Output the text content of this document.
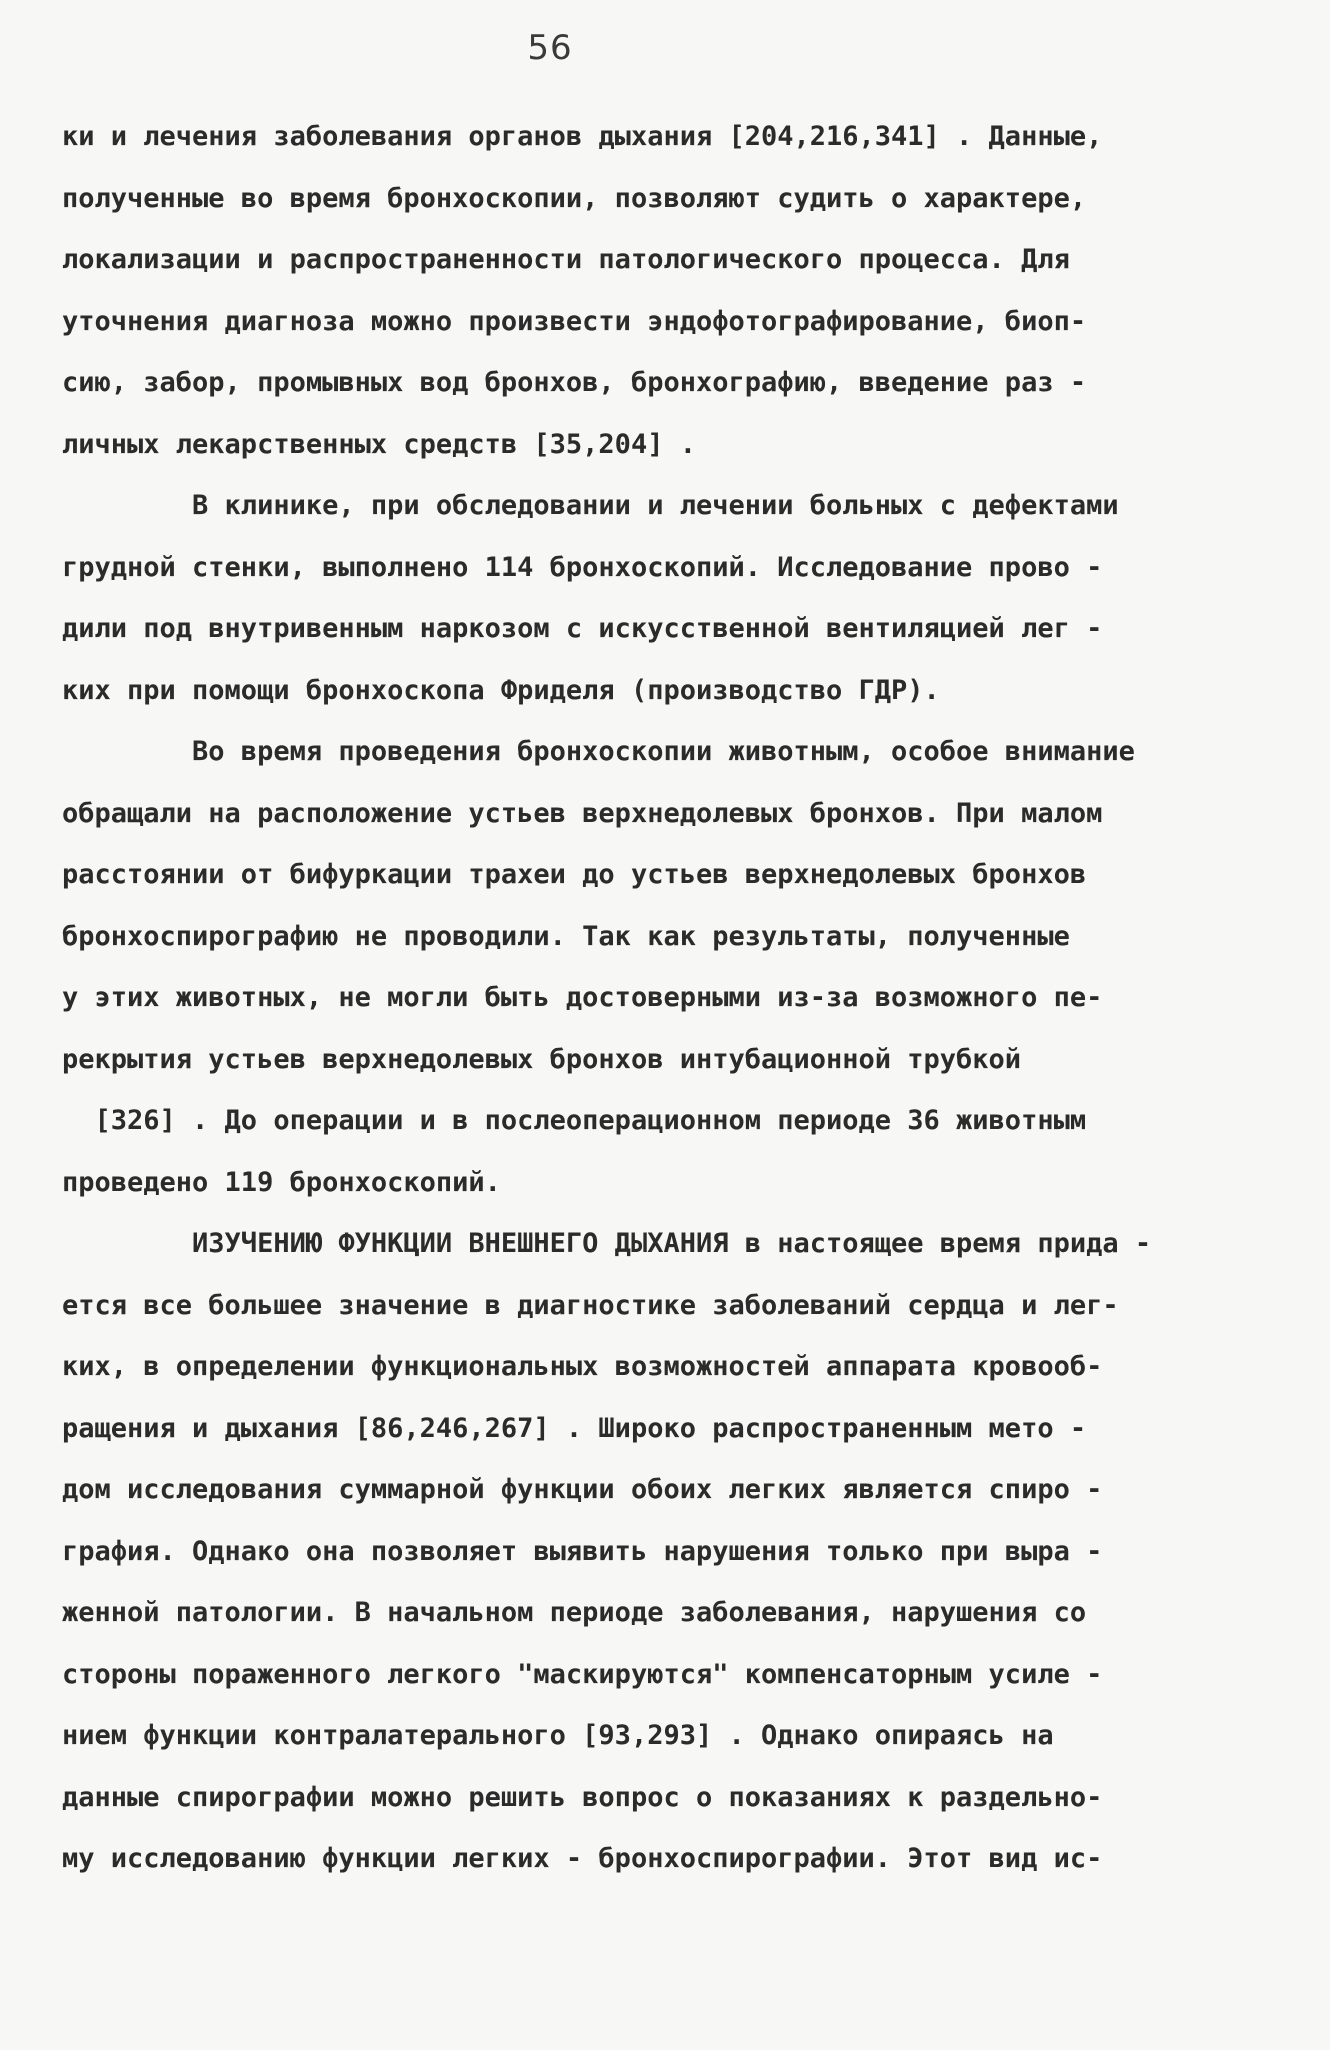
56
ки и лечения заболевания органов дыхания [204,216,341] . Данные,
полученные во время бронхоскопии, позволяют судить о характере,
локализации и распространенности патологического процесса. Для
уточнения диагноза можно произвести эндофотографирование, биоп-
сию, забор, промывных вод бронхов, бронхографию, введение раз -
личных лекарственных средств [35,204] .
В клинике, при обследовании и лечении больных с дефектами
грудной стенки, выполнено 114 бронхоскопий. Исследование прово -
дили под внутривенным наркозом с искусственной вентиляцией лег -
ких при помощи бронхоскопа Фриделя (производство ГДР).
Во время проведения бронхоскопии животным, особое внимание
обращали на расположение устьев верхнедолевых бронхов. При малом
расстоянии от бифуркации трахеи до устьев верхнедолевых бронхов
бронхоспирографию не проводили. Так как результаты, полученные
у этих животных, не могли быть достоверными из-за возможного пе-
рекрытия устьев верхнедолевых бронхов интубационной трубкой
[326] . До операции и в послеоперационном периоде 36 животным
проведено 119 бронхоскопий.
ИЗУЧЕНИЮ ФУНКЦИИ ВНЕШНЕГО ДЫХАНИЯ в настоящее время прида -
ется все большее значение в диагностике заболеваний сердца и лег-
ких, в определении функциональных возможностей аппарата кровооб-
ращения и дыхания [86,246,267] . Широко распространенным мето -
дом исследования суммарной функции обоих легких является спиро -
графия. Однако она позволяет выявить нарушения только при выра -
женной патологии. В начальном периоде заболевания, нарушения со
стороны пораженного легкого "маскируются" компенсаторным усиле -
нием функции контралатерального [93,293] . Однако опираясь на
данные спирографии можно решить вопрос о показаниях к раздельно-
му исследованию функции легких - бронхоспирографии. Этот вид ис-
